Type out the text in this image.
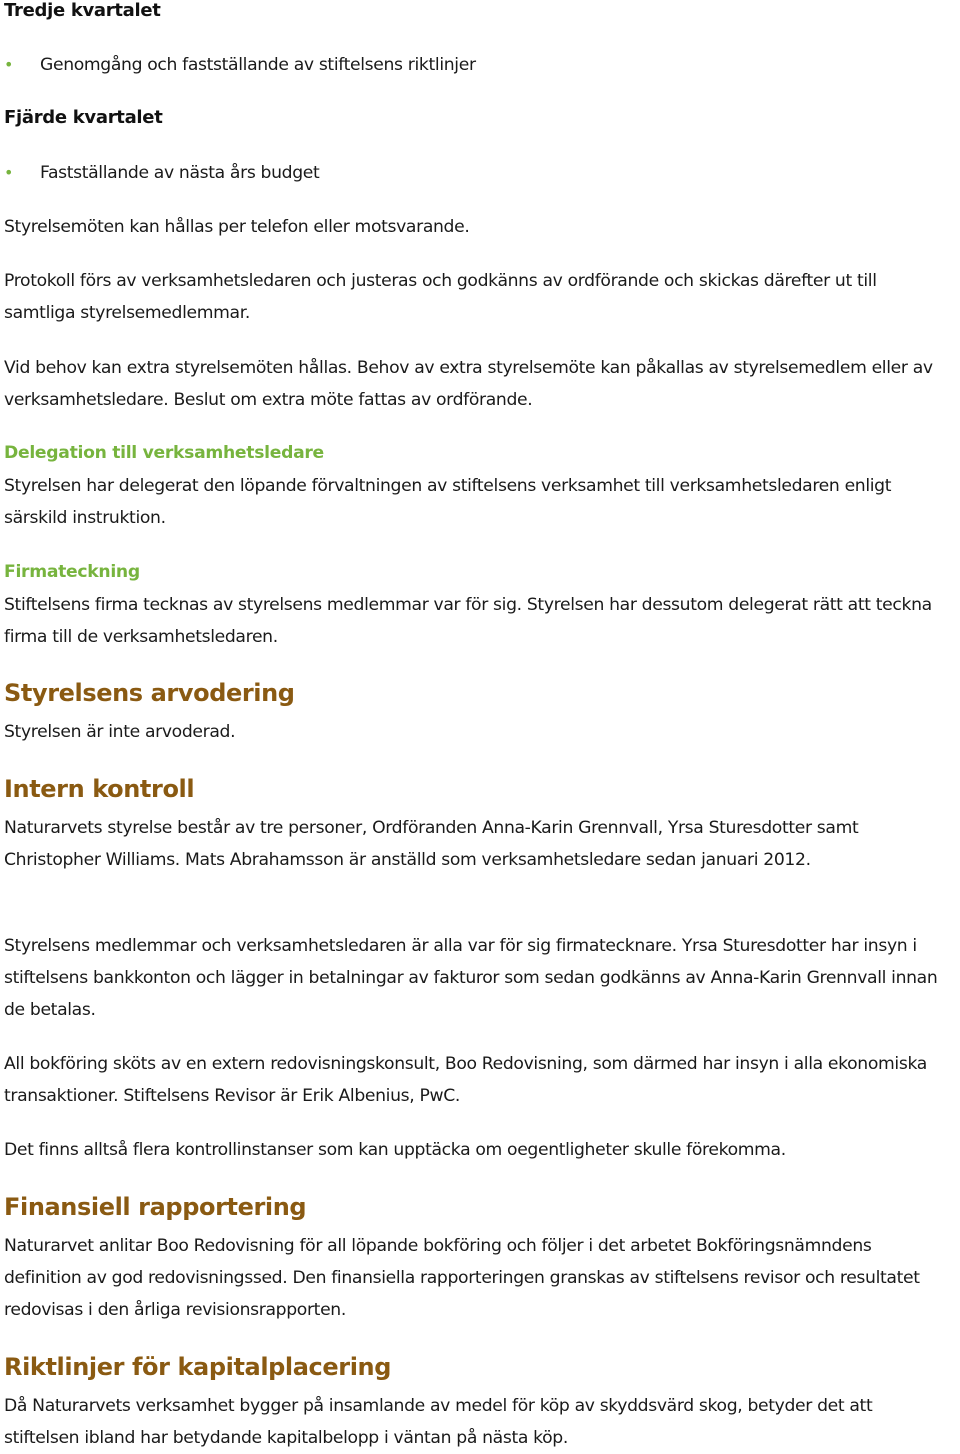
Tredje kvartalet
• Genomgång och fastställande av stiftelsens riktlinjer
Fjärde kvartalet
• Fastställande av nästa års budget

Styrelsemöten kan hållas per telefon eller motsvarande.

Protokoll förs av verksamhetsledaren och justeras och godkänns av ordförande och skickas därefter ut till samtliga styrelsemedlemmar.

Vid behov kan extra styrelsemöten hållas. Behov av extra styrelsemöte kan påkallas av styrelsemedlem eller av verksamhetsledare. Beslut om extra möte fattas av ordförande.

Delegation till verksamhetsledare

Styrelsen har delegerat den löpande förvaltningen av stiftelsens verksamhet till verksamhetsledaren enligt särskild instruktion.

Firmateckning

Stiftelsens firma tecknas av styrelsens medlemmar var för sig. Styrelsen har dessutom delegerat rätt att teckna firma till de verksamhetsledaren.

Styrelsens arvodering

Styrelsen är inte arvoderad.

Intern kontroll

Naturarvets styrelse består av tre personer, Ordföranden Anna-Karin Grennvall, Yrsa Sturesdotter samt Christopher Williams. Mats Abrahamsson är anställd som verksamhetsledare sedan januari 2012.

Styrelsens medlemmar och verksamhetsledaren är alla var för sig firmatecknare. Yrsa Sturesdotter har insyn i stiftelsens bankkonton och lägger in betalningar av fakturor som sedan godkänns av Anna-Karin Grennvall innan de betalas.

All bokföring sköts av en extern redovisningskonsult, Boo Redovisning, som därmed har insyn i alla ekonomiska transaktioner. Stiftelsens Revisor är Erik Albenius, PwC.

Det finns alltså flera kontrollinstanser som kan upptäcka om oegentligheter skulle förekomma.

Finansiell rapportering

Naturarvet anlitar Boo Redovisning för all löpande bokföring och följer i det arbetet Bokföringsnämndens definition av god redovisningssed. Den finansiella rapporteringen granskas av stiftelsens revisor och resultatet redovisas i den årliga revisionsrapporten.

Riktlinjer för kapitalplacering

Då Naturarvets verksamhet bygger på insamlande av medel för köp av skyddsvärd skog, betyder det att stiftelsen ibland har betydande kapitalbelopp i väntan på nästa köp.
